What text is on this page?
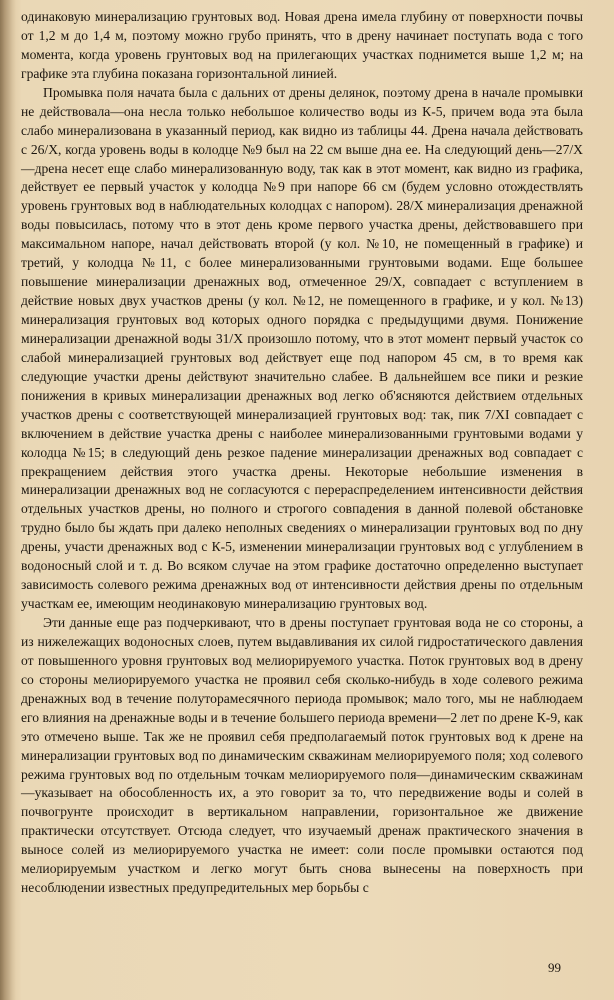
одинаковую минерализацию грунтовых вод. Новая дрена имела глубину от поверхности почвы от 1,2 м до 1,4 м, поэтому можно грубо принять, что в дрену начинает поступать вода с того момента, когда уровень грунтовых вод на прилегающих участках поднимется выше 1,2 м; на графике эта глубина показана горизонтальной линией.

Промывка поля начата была с дальних от дрены делянок, поэтому дрена в начале промывки не действовала—она несла только небольшое количество воды из К-5, причем вода эта была слабо минерализована в указанный период, как видно из таблицы 44. Дрена начала действовать с 26/X, когда уровень воды в колодце №9 был на 22 см выше дна ее. На следующий день—27/X—дрена несет еще слабо минерализованную воду, так как в этот момент, как видно из графика, действует ее первый участок у колодца №9 при напоре 66 см (будем условно отождествлять уровень грунтовых вод в наблюдательных колодцах с напором). 28/X минерализация дренажной воды повысилась, потому что в этот день кроме первого участка дрены, действовавшего при максимальном напоре, начал действовать второй (у кол. №10, не помещенный в графике) и третий, у колодца №11, с более минерализованными грунтовыми водами. Еще большее повышение минерализации дренажных вод, отмеченное 29/X, совпадает с вступлением в действие новых двух участков дрены (у кол. №12, не помещенного в графике, и у кол. №13) минерализация грунтовых вод которых одного порядка с предыдущими двумя. Понижение минерализации дренажной воды 31/X произошло потому, что в этот момент первый участок со слабой минерализацией грунтовых вод действует еще под напором 45 см, в то время как следующие участки дрены действуют значительно слабее. В дальнейшем все пики и резкие понижения в кривых минерализации дренажных вод легко об'ясняются действием отдельных участков дрены с соответствующей минерализацией грунтовых вод: так, пик 7/XI совпадает с включением в действие участка дрены с наиболее минерализованными грунтовыми водами у колодца №15; в следующий день резкое падение минерализации дренажных вод совпадает с прекращением действия этого участка дрены. Некоторые небольшие изменения в минерализации дренажных вод не согласуются с перераспределением интенсивности действия отдельных участков дрены, но полного и строгого совпадения в данной полевой обстановке трудно было бы ждать при далеко неполных сведениях о минерализации грунтовых вод по дну дрены, участи дренажных вод с К-5, изменении минерализации грунтовых вод с углублением в водоносный слой и т. д. Во всяком случае на этом графике достаточно определенно выступает зависимость солевого режима дренажных вод от интенсивности действия дрены по отдельным участкам ее, имеющим неодинаковую минерализацию грунтовых вод.

Эти данные еще раз подчеркивают, что в дрены поступает грунтовая вода не со стороны, а из нижележащих водоносных слоев, путем выдавливания их силой гидростатического давления от повышенного уровня грунтовых вод мелиорируемого участка. Поток грунтовых вод в дрену со стороны мелиорируемого участка не проявил себя сколько-нибудь в ходе солевого режима дренажных вод в течение полуторамесячного периода промывок; мало того, мы не наблюдаем его влияния на дренажные воды и в течение большего периода времени—2 лет по дрене К-9, как это отмечено выше. Так же не проявил себя предполагаемый поток грунтовых вод к дрене на минерализации грунтовых вод по динамическим скважинам мелиорируемого поля; ход солевого режима грунтовых вод по отдельным точкам мелиорируемого поля—динамическим скважинам—указывает на обособленность их, а это говорит за то, что передвижение воды и солей в почвогрунте происходит в вертикальном направлении, горизонтальное же движение практически отсутствует. Отсюда следует, что изучаемый дренаж практического значения в выносе солей из мелиорируемого участка не имеет: соли после промывки остаются под мелиорируемым участком и легко могут быть снова вынесены на поверхность при несоблюдении известных предупредительных мер борьбы с

99
